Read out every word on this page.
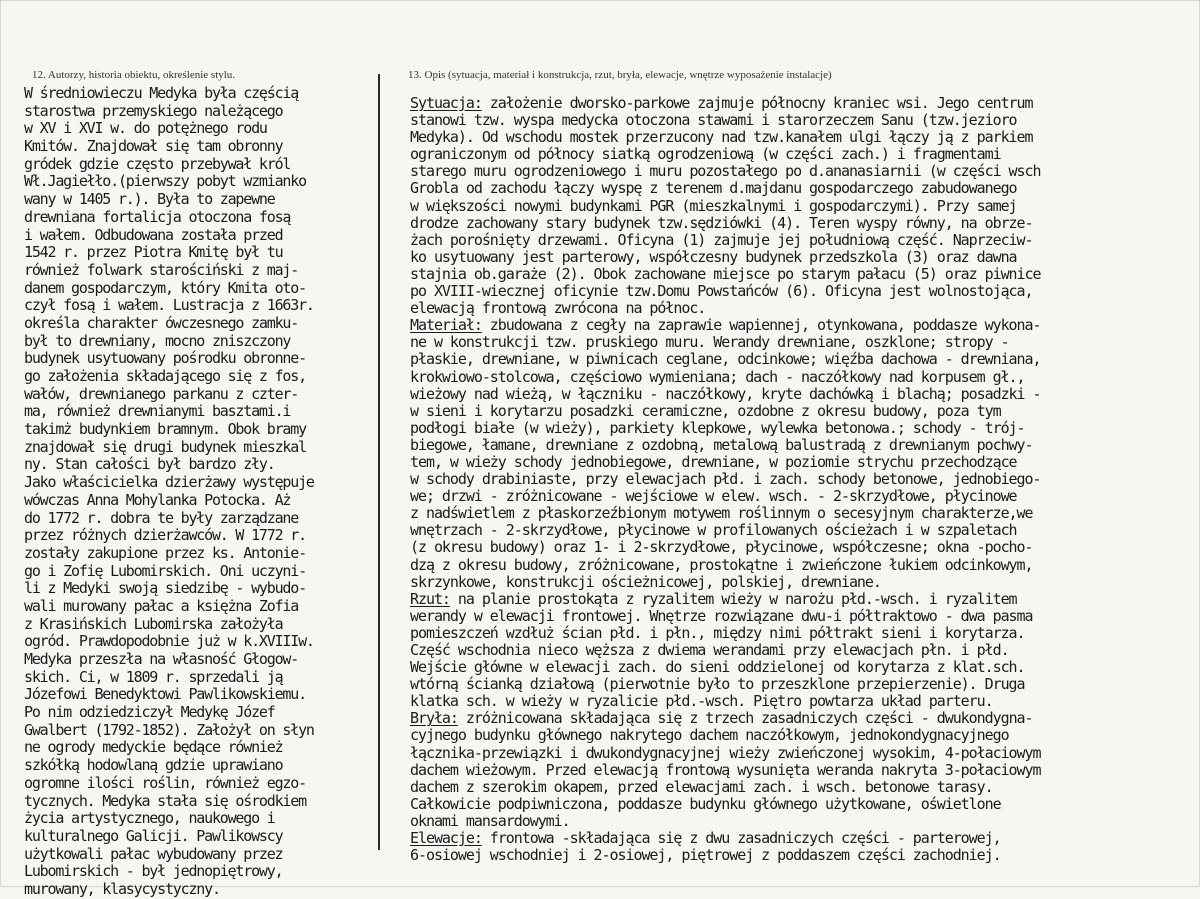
12. Autorzy, historia obiektu, określenie stylu.	13. Opis (sytuacja, materiał i konstrukcja, rzut, bryła, elewacje, wnętrze wyposażenie instalacje)
W średniowieczu Medyka była częścią
starostwa przemyskiego należącego
w XV i XVI w. do potężnego rodu
Kmitów. Znajdował się tam obronny
gródek gdzie często przebywał król
Wł.Jagiełło.(pierwszy pobyt wzmianko
wany w 1405 r.). Była to zapewne
drewniana fortalicja otoczona fosą
i wałem. Odbudowana została przed
1542 r. przez Piotra Kmitę był tu
również folwark starościński z maj-
danem gospodarczym, który Kmita oto-
czył fosą i wałem. Lustracja z 1663r.
określa charakter ówczesnego zamku-
był to drewniany, mocno zniszczony
budynek usytuowany pośrodku obronne-
go założenia składającego się z fos,
wałów, drewnianego parkanu z czter-
ma, również drewnianymi basztami.i
takimż budynkiem bramnym. Obok bramy
znajdował się drugi budynek mieszkal
ny. Stan całości był bardzo zły.
Jako właścicielka dzierżawy występuje
wówczas Anna Mohylanka Potocka. Aż
do 1772 r. dobra te były zarządzane
przez różnych dzierżawców. W 1772 r.
zostały zakupione przez ks. Antonie-
go i Zofię Lubomirskich. Oni uczyni-
li z Medyki swoją siedzibę - wybudo-
wali murowany pałac a księżna Zofia
z Krasińskich Lubomirska założyła
ogród. Prawdopodobnie już w k.XVIIIw.
Medyka przeszła na własność Głogow-
skich. Ci, w 1809 r. sprzedali ją
Józefowi Benedyktowi Pawlikowskiemu.
Po nim odziedziczył Medykę Józef
Gwalbert (1792-1852). Założył on słyn
ne ogrody medyckie będące również
szkółką hodowlaną gdzie uprawiano
ogromne ilości roślin, również egzo-
tycznych. Medyka stała się ośrodkiem
życia artystycznego, naukowego i
kulturalnego Galicji. Pawlikowscy
użytkowali pałac wybudowany przez
Lubomirskich - był jednopiętrowy,
murowany, klasycystyczny.
Sytuacja: założenie dworsko-parkowe zajmuje północny kraniec wsi. Jego centrum
stanowi tzw. wyspa medycka otoczona stawami i starorzeczem Sanu (tzw.jezioro
Medyka). Od wschodu mostek przerzucony nad tzw.kanałem ulgi łączy ją z parkiem
ograniczonym od północy siatką ogrodzeniową (w części zach.) i fragmentami
starego muru ogrodzeniowego i muru pozostałego po d.ananasiarnii (w części wsch
Grobla od zachodu łączy wyspę z terenem d.majdanu gospodarczego zabudowanego
w większości nowymi budynkami PGR (mieszkalnymi i gospodarczymi). Przy samej
drodze zachowany stary budynek tzw.sędziówki (4). Teren wyspy równy, na obrze-
żach porośnięty drzewami. Oficyna (1) zajmuje jej południową część. Naprzeciw-
ko usytuowany jest parterowy, współczesny budynek przedszkola (3) oraz dawna
stajnia ob.garaże (2). Obok zachowane miejsce po starym pałacu (5) oraz piwnice
po XVIII-wiecznej oficynie tzw.Domu Powstańców (6). Oficyna jest wolnostojąca,
elewacją frontową zwrócona na północ.
Materiał: zbudowana z cegły na zaprawie wapiennej, otynkowana, poddasze wykona-
ne w konstrukcji tzw. pruskiego muru. Werandy drewniane, oszklone; stropy -
płaskie, drewniane, w piwnicach ceglane, odcinkowe; więźba dachowa - drewniana,
krokwiowo-stolcowa, częściowo wymieniana; dach - naczółkowy nad korpusem gł.,
wieżowy nad wieżą, w łączniku - naczółkowy, kryte dachówką i blachą; posadzki -
w sieni i korytarzu posadzki ceramiczne, ozdobne z okresu budowy, poza tym
podłogi białe (w wieży), parkiety klepkowe, wylewka betonowa.; schody - trój-
biegowe, łamane, drewniane z ozdobną, metalową balustradą z drewnianym pochwy-
tem, w wieży schody jednobiegowe, drewniane, w poziomie strychu przechodzące
w schody drabiniaste, przy elewacjach płd. i zach. schody betonowe, jednobiego-
we; drzwi - zróżnicowane - wejściowe w elew. wsch. - 2-skrzydłowe, płycinowe
z nadświetlem z płaskorzeźbionym motywem roślinnym o secesyjnym charakterze,we
wnętrzach - 2-skrzydłowe, płycinowe w profilowanych ościeżach i w szpaletach
(z okresu budowy) oraz 1- i 2-skrzydłowe, płycinowe, współczesne; okna -pocho-
dzą z okresu budowy, zróżnicowane, prostokątne i zwieńczone łukiem odcinkowym,
skrzynkowe, konstrukcji ościeżnicowej, polskiej, drewniane.
Rzut: na planie prostokąta z ryzalitem wieży w narożu płd.-wsch. i ryzalitem
werandy w elewacji frontowej. Wnętrze rozwiązane dwu-i półtraktowo - dwa pasma
pomieszczeń wzdłuż ścian płd. i płn., między nimi półtrakt sieni i korytarza.
Część wschodnia nieco węższa z dwiema werandami przy elewacjach płn. i płd.
Wejście główne w elewacji zach. do sieni oddzielonej od korytarza z klat.sch.
wtórną ścianką działową (pierwotnie było to przeszklone przepierzenie). Druga
klatka sch. w wieży w ryzalicie płd.-wsch. Piętro powtarza układ parteru.
Bryła: zróżnicowana składająca się z trzech zasadniczych części - dwukondygna-
cyjnego budynku głównego nakrytego dachem naczółkowym, jednokondygnacyjnego
łącznika-przewiązki i dwukondygnacyjnej wieży zwieńczonej wysokim, 4-połaciowym
dachem wieżowym. Przed elewacją frontową wysunięta weranda nakryta 3-połaciowym
dachem z szerokim okapem, przed elewacjami zach. i wsch. betonowe tarasy.
Całkowicie podpiwniczona, poddasze budynku głównego użytkowane, oświetlone
oknami mansardowymi.
Elewacje: frontowa -składająca się z dwu zasadniczych części - parterowej,
6-osiowej wschodniej i 2-osiowej, piętrowej z poddaszem części zachodniej.
